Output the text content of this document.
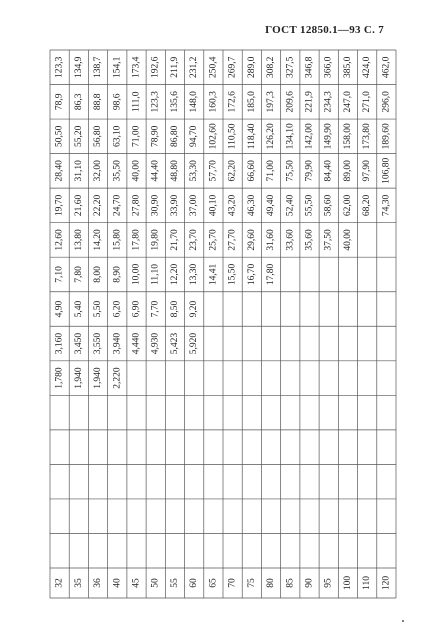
ГОСТ 12850.1—93 С. 7
32
1,780
3,160
4,90
7,10
12,60
19,70
28,40
50,50
78,9
123,3
35
1,940
3,450
5,40
7,80
13,80
21,60
31,10
55,20
86,3
134,9
36
1,940
3,550
5,50
8,00
14,20
22,20
32,00
56,80
88,8
138,7
40
2,220
3,940
6,20
8,90
15,80
24,70
35,50
63,10
98,6
154,1
45
4,440
6,90
10,00
17,80
27,80
40,00
71,00
111,0
173,4
50
4,930
7,70
11,10
19,80
30,90
44,40
78,90
123,3
192,6
55
5,423
8,50
12,20
21,70
33,90
48,80
86,80
135,6
211,9
60
5,920
9,20
13,30
23,70
37,00
53,30
94,70
148,0
231,2
65
14,41
25,70
40,10
57,70
102,60
160,3
250,4
70
15,50
27,70
43,20
62,20
110,50
172,6
269,7
75
16,70
29,60
46,30
66,60
118,40
185,0
289,0
80
17,80
31,60
49,40
71,00
126,20
197,3
308,2
85
33,60
52,40
75,50
134,10
209,6
327,5
90
35,60
55,50
79,90
142,00
221,9
346,8
95
37,50
58,60
84,40
149,90
234,3
366,0
100
40,00
62,00
89,00
158,00
247,0
385,0
110
68,20
97,90
173,80
271,0
424,0
120
74,30
106,80
189,60
296,0
462,0
